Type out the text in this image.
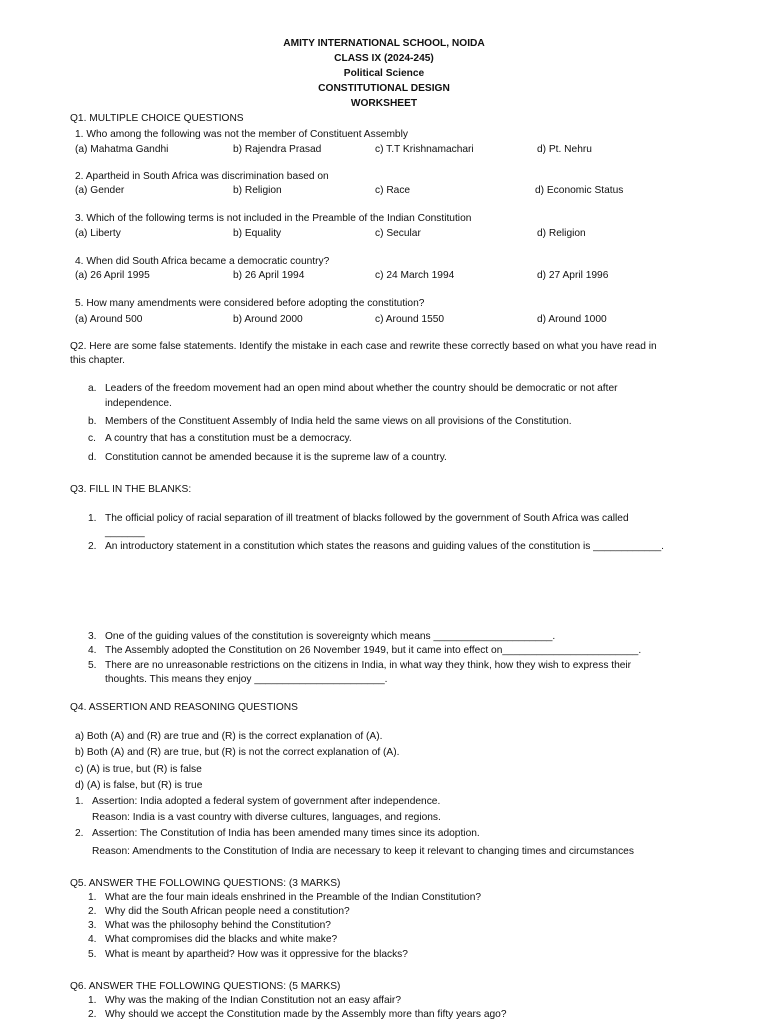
AMITY INTERNATIONAL SCHOOL, NOIDA
CLASS IX (2024-245)
Political Science
CONSTITUTIONAL DESIGN
WORKSHEET
Q1. MULTIPLE CHOICE QUESTIONS
1. Who among the following was not the member of Constituent Assembly
(a) Mahatma Gandhi	b) Rajendra Prasad	c) T.T Krishnamachari	d) Pt. Nehru
2. Apartheid in South Africa was discrimination based on
(a) Gender	b) Religion	c) Race	d) Economic Status
3. Which of the following terms is not included in the Preamble of the Indian Constitution
(a) Liberty	b) Equality	c) Secular	d) Religion
4. When did South Africa became a democratic country?
(a) 26 April 1995	b) 26 April 1994	c) 24 March 1994	d) 27 April 1996
5. How many amendments were considered before adopting the constitution?
(a) Around 500	b) Around 2000	c) Around 1550	d) Around 1000
Q2. Here are some false statements. Identify the mistake in each case and rewrite these correctly based on what you have read in
this chapter.
a. Leaders of the freedom movement had an open mind about whether the country should be democratic or not after
independence.
b. Members of the Constituent Assembly of India held the same views on all provisions of the Constitution.
c. A country that has a constitution must be a democracy.
d. Constitution cannot be amended because it is the supreme law of a country.
Q3. FILL IN THE BLANKS:
1. The official policy of racial separation of ill treatment of blacks followed by the government of South Africa was called
_______
2. An introductory statement in a constitution which states the reasons and guiding values of the constitution is ____________.
3. One of the guiding values of the constitution is sovereignty which means _____________________.
4. The Assembly adopted the Constitution on 26 November 1949, but it came into effect on________________________.
5. There are no unreasonable restrictions on the citizens in India, in what way they think, how they wish to express their
thoughts. This means they enjoy _______________________.
Q4. ASSERTION AND REASONING QUESTIONS
a) Both (A) and (R) are true and (R) is the correct explanation of (A).
b) Both (A) and (R) are true, but (R) is not the correct explanation of (A).
c) (A) is true, but (R) is false
d) (A) is false, but (R) is true
1. Assertion: India adopted a federal system of government after independence.
Reason: India is a vast country with diverse cultures, languages, and regions.
2. Assertion: The Constitution of India has been amended many times since its adoption.
Reason: Amendments to the Constitution of India are necessary to keep it relevant to changing times and circumstances
Q5. ANSWER THE FOLLOWING QUESTIONS: (3 MARKS)
1. What are the four main ideals enshrined in the Preamble of the Indian Constitution?
2. Why did the South African people need a constitution?
3. What was the philosophy behind the Constitution?
4. What compromises did the blacks and white make?
5. What is meant by apartheid? How was it oppressive for the blacks?
Q6. ANSWER THE FOLLOWING QUESTIONS: (5 MARKS)
1. Why was the making of the Indian Constitution not an easy affair?
2. Why should we accept the Constitution made by the Assembly more than fifty years ago?
